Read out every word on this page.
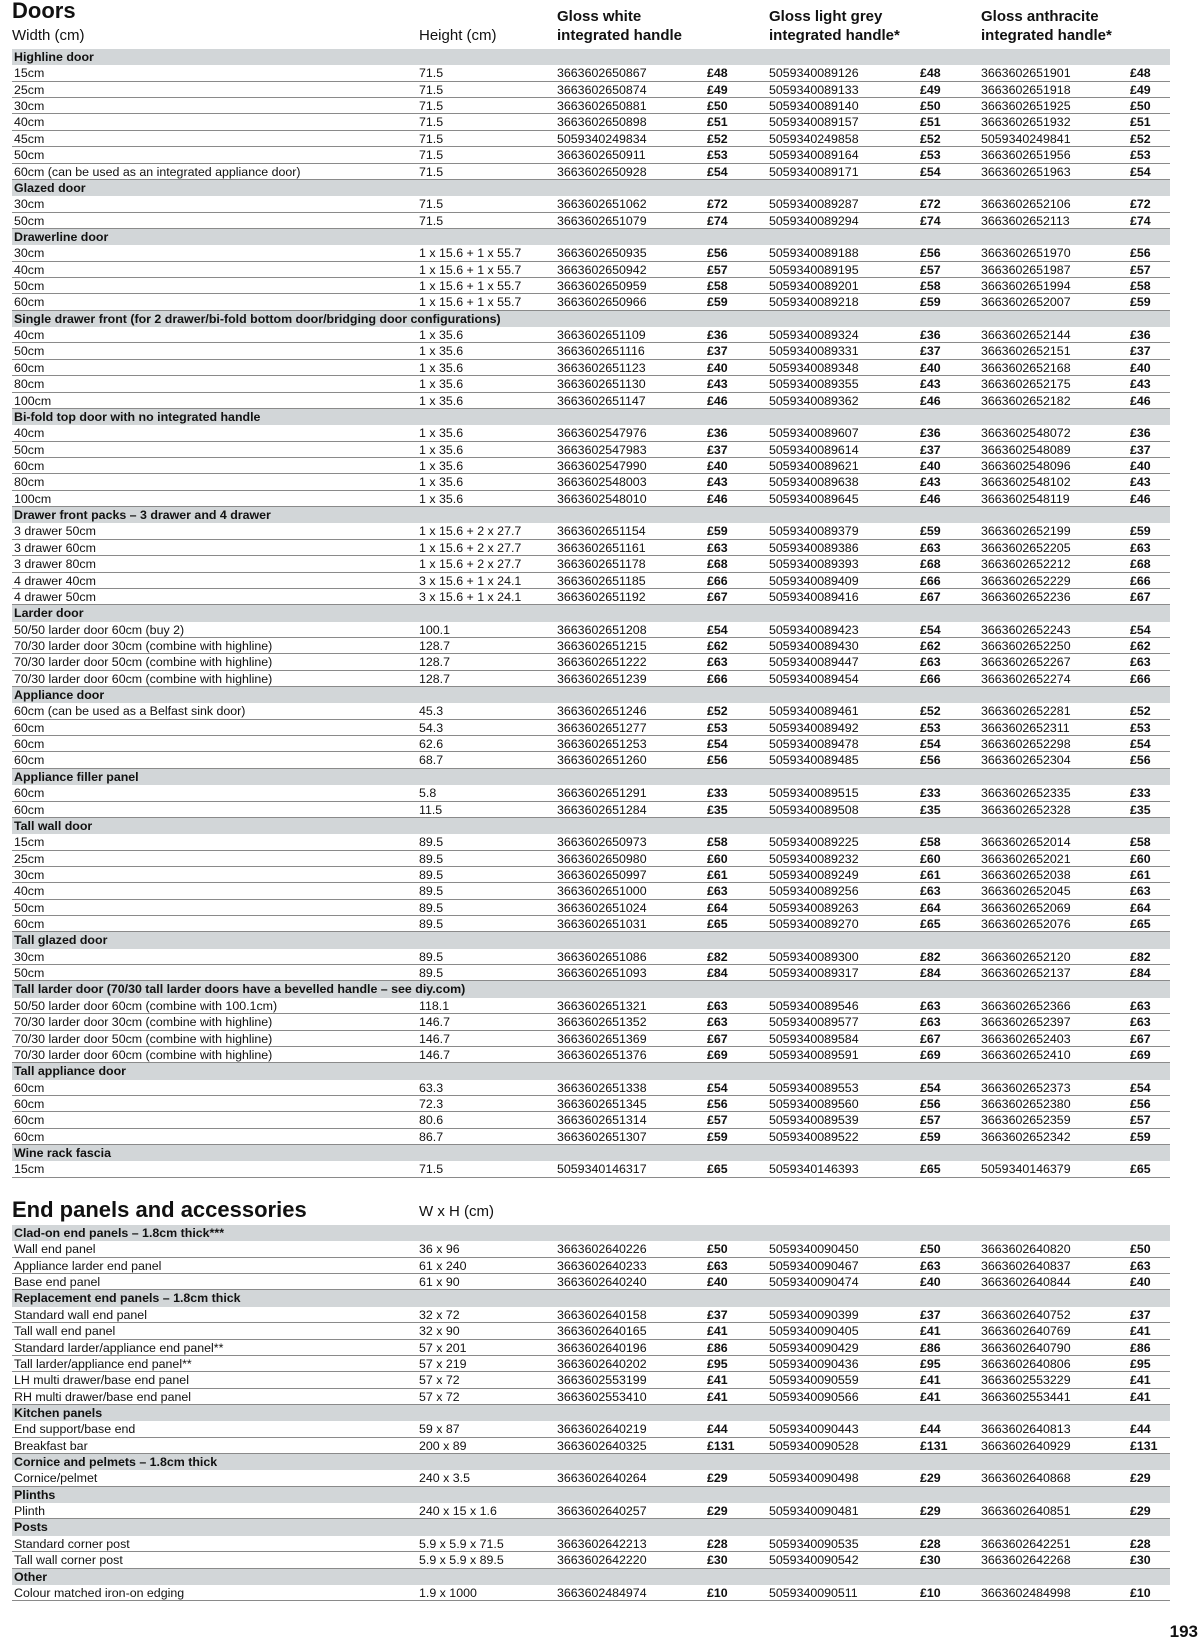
Doors
Width (cm)	Height (cm)
Gloss white
integrated handle
Gloss light grey
integrated handle*
Gloss anthracite
integrated handle*
Highline door
15cm	71.5	3663602650867	£48	5059340089126	£48	3663602651901	£48
25cm	71.5	3663602650874	£49	5059340089133	£49	3663602651918	£49
30cm	71.5	3663602650881	£50	5059340089140	£50	3663602651925	£50
40cm	71.5	3663602650898	£51	5059340089157	£51	3663602651932	£51
45cm	71.5	5059340249834	£52	5059340249858	£52	5059340249841	£52
50cm	71.5	3663602650911	£53	5059340089164	£53	3663602651956	£53
60cm (can be used as an integrated appliance door)	71.5	3663602650928	£54	5059340089171	£54	3663602651963	£54
Glazed door
30cm	71.5	3663602651062	£72	5059340089287	£72	3663602652106	£72
50cm	71.5	3663602651079	£74	5059340089294	£74	3663602652113	£74
Drawerline door
30cm	1 x 15.6 + 1 x 55.7	3663602650935	£56	5059340089188	£56	3663602651970	£56
40cm	1 x 15.6 + 1 x 55.7	3663602650942	£57	5059340089195	£57	3663602651987	£57
50cm	1 x 15.6 + 1 x 55.7	3663602650959	£58	5059340089201	£58	3663602651994	£58
60cm	1 x 15.6 + 1 x 55.7	3663602650966	£59	5059340089218	£59	3663602652007	£59
Single drawer front (for 2 drawer/bi-fold bottom door/bridging door configurations)
40cm	1 x 35.6	3663602651109	£36	5059340089324	£36	3663602652144	£36
50cm	1 x 35.6	3663602651116	£37	5059340089331	£37	3663602652151	£37
60cm	1 x 35.6	3663602651123	£40	5059340089348	£40	3663602652168	£40
80cm	1 x 35.6	3663602651130	£43	5059340089355	£43	3663602652175	£43
100cm	1 x 35.6	3663602651147	£46	5059340089362	£46	3663602652182	£46
Bi-fold top door with no integrated handle
40cm	1 x 35.6	3663602547976	£36	5059340089607	£36	3663602548072	£36
50cm	1 x 35.6	3663602547983	£37	5059340089614	£37	3663602548089	£37
60cm	1 x 35.6	3663602547990	£40	5059340089621	£40	3663602548096	£40
80cm	1 x 35.6	3663602548003	£43	5059340089638	£43	3663602548102	£43
100cm	1 x 35.6	3663602548010	£46	5059340089645	£46	3663602548119	£46
Drawer front packs – 3 drawer and 4 drawer
3 drawer 50cm	1 x 15.6 + 2 x 27.7	3663602651154	£59	5059340089379	£59	3663602652199	£59
3 drawer 60cm	1 x 15.6 + 2 x 27.7	3663602651161	£63	5059340089386	£63	3663602652205	£63
3 drawer 80cm	1 x 15.6 + 2 x 27.7	3663602651178	£68	5059340089393	£68	3663602652212	£68
4 drawer 40cm	3 x 15.6 + 1 x 24.1	3663602651185	£66	5059340089409	£66	3663602652229	£66
4 drawer 50cm	3 x 15.6 + 1 x 24.1	3663602651192	£67	5059340089416	£67	3663602652236	£67
Larder door
50/50 larder door 60cm (buy 2)	100.1	3663602651208	£54	5059340089423	£54	3663602652243	£54
70/30 larder door 30cm (combine with highline)	128.7	3663602651215	£62	5059340089430	£62	3663602652250	£62
70/30 larder door 50cm (combine with highline)	128.7	3663602651222	£63	5059340089447	£63	3663602652267	£63
70/30 larder door 60cm (combine with highline)	128.7	3663602651239	£66	5059340089454	£66	3663602652274	£66
Appliance door
60cm (can be used as a Belfast sink door)	45.3	3663602651246	£52	5059340089461	£52	3663602652281	£52
60cm	54.3	3663602651277	£53	5059340089492	£53	3663602652311	£53
60cm	62.6	3663602651253	£54	5059340089478	£54	3663602652298	£54
60cm	68.7	3663602651260	£56	5059340089485	£56	3663602652304	£56
Appliance filler panel
60cm	5.8	3663602651291	£33	5059340089515	£33	3663602652335	£33
60cm	11.5	3663602651284	£35	5059340089508	£35	3663602652328	£35
Tall wall door
15cm	89.5	3663602650973	£58	5059340089225	£58	3663602652014	£58
25cm	89.5	3663602650980	£60	5059340089232	£60	3663602652021	£60
30cm	89.5	3663602650997	£61	5059340089249	£61	3663602652038	£61
40cm	89.5	3663602651000	£63	5059340089256	£63	3663602652045	£63
50cm	89.5	3663602651024	£64	5059340089263	£64	3663602652069	£64
60cm	89.5	3663602651031	£65	5059340089270	£65	3663602652076	£65
Tall glazed door
30cm	89.5	3663602651086	£82	5059340089300	£82	3663602652120	£82
50cm	89.5	3663602651093	£84	5059340089317	£84	3663602652137	£84
Tall larder door (70/30 tall larder doors have a bevelled handle – see diy.com)
50/50 larder door 60cm (combine with 100.1cm)	118.1	3663602651321	£63	5059340089546	£63	3663602652366	£63
70/30 larder door 30cm (combine with highline)	146.7	3663602651352	£63	5059340089577	£63	3663602652397	£63
70/30 larder door 50cm (combine with highline)	146.7	3663602651369	£67	5059340089584	£67	3663602652403	£67
70/30 larder door 60cm (combine with highline)	146.7	3663602651376	£69	5059340089591	£69	3663602652410	£69
Tall appliance door
60cm	63.3	3663602651338	£54	5059340089553	£54	3663602652373	£54
60cm	72.3	3663602651345	£56	5059340089560	£56	3663602652380	£56
60cm	80.6	3663602651314	£57	5059340089539	£57	3663602652359	£57
60cm	86.7	3663602651307	£59	5059340089522	£59	3663602652342	£59
Wine rack fascia
15cm	71.5	5059340146317	£65	5059340146393	£65	5059340146379	£65
End panels and accessories	W x H (cm)
Clad-on end panels – 1.8cm thick***
Wall end panel	36 x 96	3663602640226	£50	5059340090450	£50	3663602640820	£50
Appliance larder end panel	61 x 240	3663602640233	£63	5059340090467	£63	3663602640837	£63
Base end panel	61 x 90	3663602640240	£40	5059340090474	£40	3663602640844	£40
Replacement end panels – 1.8cm thick
Standard wall end panel	32 x 72	3663602640158	£37	5059340090399	£37	3663602640752	£37
Tall wall end panel	32 x 90	3663602640165	£41	5059340090405	£41	3663602640769	£41
Standard larder/appliance end panel**	57 x 201	3663602640196	£86	5059340090429	£86	3663602640790	£86
Tall larder/appliance end panel**	57 x 219	3663602640202	£95	5059340090436	£95	3663602640806	£95
LH multi drawer/base end panel	57 x 72	3663602553199	£41	5059340090559	£41	3663602553229	£41
RH multi drawer/base end panel	57 x 72	3663602553410	£41	5059340090566	£41	3663602553441	£41
Kitchen panels
End support/base end	59 x 87	3663602640219	£44	5059340090443	£44	3663602640813	£44
Breakfast bar	200 x 89	3663602640325	£131	5059340090528	£131	3663602640929	£131
Cornice and pelmets – 1.8cm thick
Cornice/pelmet	240 x 3.5	3663602640264	£29	5059340090498	£29	3663602640868	£29
Plinths
Plinth	240 x 15 x 1.6	3663602640257	£29	5059340090481	£29	3663602640851	£29
Posts
Standard corner post	5.9 x 5.9 x 71.5	3663602642213	£28	5059340090535	£28	3663602642251	£28
Tall wall corner post	5.9 x 5.9 x 89.5	3663602642220	£30	5059340090542	£30	3663602642268	£30
Other
Colour matched iron-on edging	1.9 x 1000	3663602484974	£10	5059340090511	£10	3663602484998	£10
193
